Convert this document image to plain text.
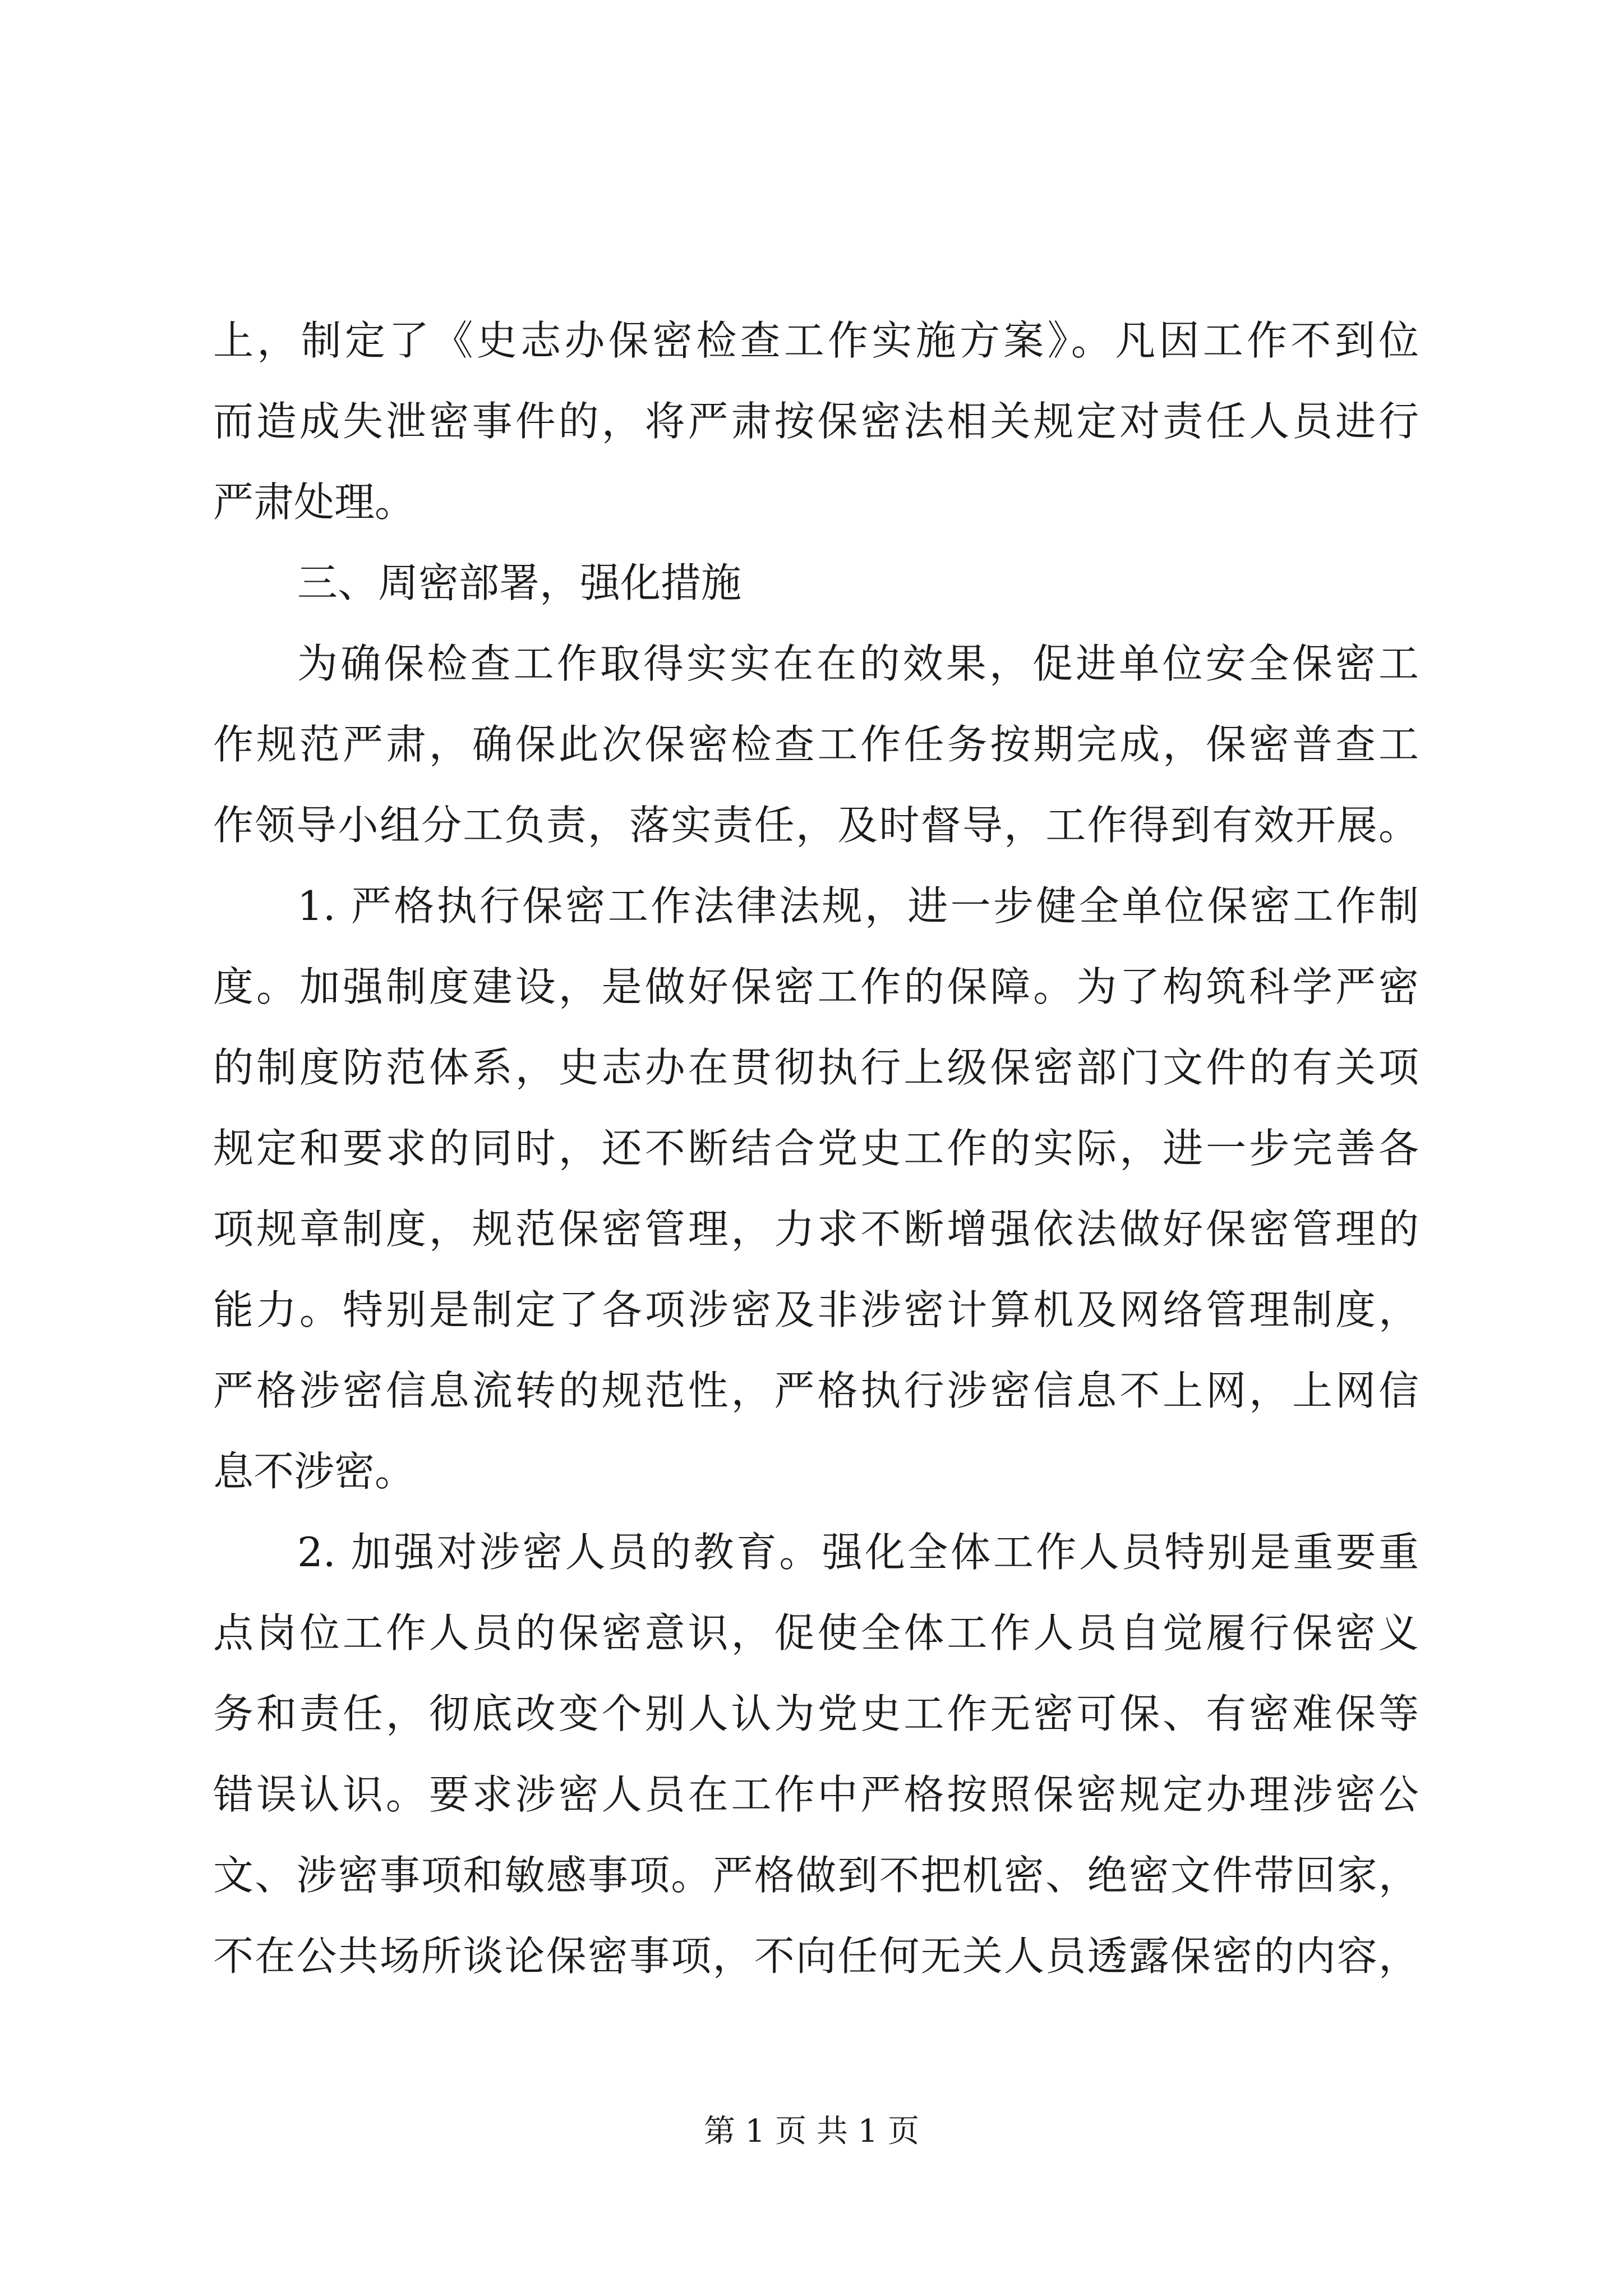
上，制定了《史志办保密检查工作实施方案》。凡因工作不到位
而造成失泄密事件的，将严肃按保密法相关规定对责任人员进行
严肃处理。
三、周密部署，强化措施
为确保检查工作取得实实在在的效果，促进单位安全保密工
作规范严肃，确保此次保密检查工作任务按期完成，保密普查工
作领导小组分工负责，落实责任，及时督导，工作得到有效开展。
1. 严格执行保密工作法律法规，进一步健全单位保密工作制
度。加强制度建设，是做好保密工作的保障。为了构筑科学严密
的制度防范体系，史志办在贯彻执行上级保密部门文件的有关项
规定和要求的同时，还不断结合党史工作的实际，进一步完善各
项规章制度，规范保密管理，力求不断增强依法做好保密管理的
能力。特别是制定了各项涉密及非涉密计算机及网络管理制度，
严格涉密信息流转的规范性，严格执行涉密信息不上网，上网信
息不涉密。
2. 加强对涉密人员的教育。强化全体工作人员特别是重要重
点岗位工作人员的保密意识，促使全体工作人员自觉履行保密义
务和责任，彻底改变个别人认为党史工作无密可保、有密难保等
错误认识。要求涉密人员在工作中严格按照保密规定办理涉密公
文、涉密事项和敏感事项。严格做到不把机密、绝密文件带回家，
不在公共场所谈论保密事项，不向任何无关人员透露保密的内容，
第 1 页 共 1 页
